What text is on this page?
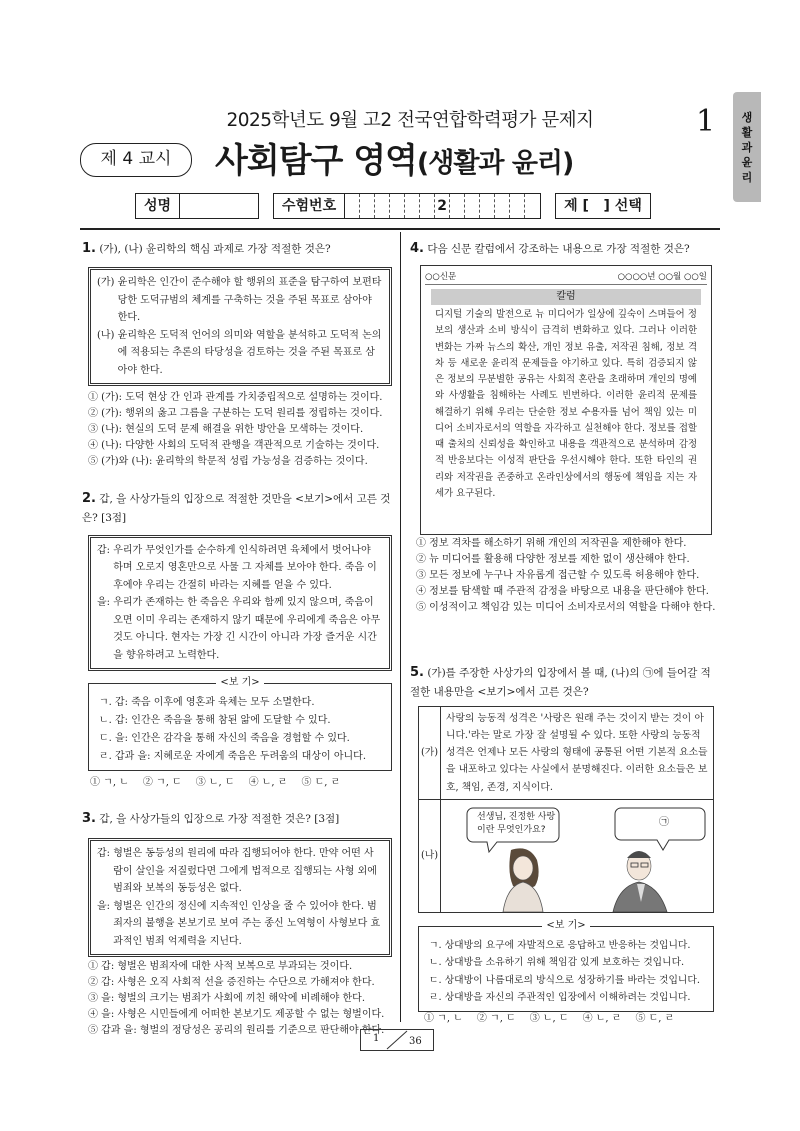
2025학년도 9월 고2 전국연합학력평가 문제지	1 생
활
과
윤
리
제 4 교시	사회탐구 영역(생활과 윤리)
성명	수험번호	2	제 [   ] 선택
1. (가), (나) 윤리학의 핵심 과제로 가장 적절한 것은?
(가) 윤리학은 인간이 준수해야 할 행위의 표준을 탐구하여 보편타당한 도덕규범의 체계를 구축하는 것을 주된 목표로 삼아야 한다.
(나) 윤리학은 도덕적 언어의 의미와 역할을 분석하고 도덕적 논의에 적용되는 추론의 타당성을 검토하는 것을 주된 목표로 삼아야 한다.
① (가): 도덕 현상 간 인과 관계를 가치중립적으로 설명하는 것이다.
② (가): 행위의 옳고 그름을 구분하는 도덕 원리를 정립하는 것이다.
③ (나): 현실의 도덕 문제 해결을 위한 방안을 모색하는 것이다.
④ (나): 다양한 사회의 도덕적 관행을 객관적으로 기술하는 것이다.
⑤ (가)와 (나): 윤리학의 학문적 성립 가능성을 검증하는 것이다.
2. 갑, 을 사상가들의 입장으로 적절한 것만을 <보기>에서 고른 것은? [3점]
갑: 우리가 무엇인가를 순수하게 인식하려면 육체에서 벗어나야 하며 오로지 영혼만으로 사물 그 자체를 보아야 한다. 죽음 이후에야 우리는 간절히 바라는 지혜를 얻을 수 있다.
을: 우리가 존재하는 한 죽음은 우리와 함께 있지 않으며, 죽음이 오면 이미 우리는 존재하지 않기 때문에 우리에게 죽음은 아무것도 아니다. 현자는 가장 긴 시간이 아니라 가장 즐거운 시간을 향유하려고 노력한다.
<보 기>
ㄱ. 갑: 죽음 이후에 영혼과 육체는 모두 소멸한다.
ㄴ. 갑: 인간은 죽음을 통해 참된 앎에 도달할 수 있다.
ㄷ. 을: 인간은 감각을 통해 자신의 죽음을 경험할 수 있다.
ㄹ. 갑과 을: 지혜로운 자에게 죽음은 두려움의 대상이 아니다.
① ㄱ, ㄴ ② ㄱ, ㄷ ③ ㄴ, ㄷ ④ ㄴ, ㄹ ⑤ ㄷ, ㄹ
3. 갑, 을 사상가들의 입장으로 가장 적절한 것은? [3점]
갑: 형벌은 동등성의 원리에 따라 집행되어야 한다. 만약 어떤 사람이 살인을 저질렀다면 그에게 법적으로 집행되는 사형 외에 범죄와 보복의 동등성은 없다.
을: 형벌은 인간의 정신에 지속적인 인상을 줄 수 있어야 한다. 범죄자의 불행을 본보기로 보여 주는 종신 노역형이 사형보다 효과적인 범죄 억제력을 지닌다.
① 갑: 형벌은 범죄자에 대한 사적 보복으로 부과되는 것이다.
② 갑: 사형은 오직 사회적 선을 증진하는 수단으로 가해져야 한다.
③ 을: 형벌의 크기는 범죄가 사회에 끼친 해악에 비례해야 한다.
④ 을: 사형은 시민들에게 어떠한 본보기도 제공할 수 없는 형벌이다.
⑤ 갑과 을: 형벌의 정당성은 공리의 원리를 기준으로 판단해야 한다.
4. 다음 신문 칼럼에서 강조하는 내용으로 가장 적절한 것은?
○○신문	○○○○년 ○○월 ○○일
칼럼
디지털 기술의 발전으로 뉴 미디어가 일상에 깊숙이 스며들어 정보의 생산과 소비 방식이 급격히 변화하고 있다. 그러나 이러한 변화는 가짜 뉴스의 확산, 개인 정보 유출, 저작권 침해, 정보 격차 등 새로운 윤리적 문제들을 야기하고 있다. 특히 검증되지 않은 정보의 무분별한 공유는 사회적 혼란을 초래하며 개인의 명예와 사생활을 침해하는 사례도 빈번하다. 이러한 윤리적 문제를 해결하기 위해 우리는 단순한 정보 수용자를 넘어 책임 있는 미디어 소비자로서의 역할을 자각하고 실천해야 한다. 정보를 접할 때 출처의 신뢰성을 확인하고 내용을 객관적으로 분석하며 감정적 반응보다는 이성적 판단을 우선시해야 한다. 또한 타인의 권리와 저작권을 존중하고 온라인상에서의 행동에 책임을 지는 자세가 요구된다.
① 정보 격차를 해소하기 위해 개인의 저작권을 제한해야 한다.
② 뉴 미디어를 활용해 다양한 정보를 제한 없이 생산해야 한다.
③ 모든 정보에 누구나 자유롭게 접근할 수 있도록 허용해야 한다.
④ 정보를 탐색할 때 주관적 감정을 바탕으로 내용을 판단해야 한다.
⑤ 이성적이고 책임감 있는 미디어 소비자로서의 역할을 다해야 한다.
5. (가)를 주장한 사상가의 입장에서 볼 때, (나)의 ㉠에 들어갈 적절한 내용만을 <보기>에서 고른 것은?
(가)
사랑의 능동적 성격은 '사랑은 원래 주는 것이지 받는 것이 아니다.'라는 말로 가장 잘 설명될 수 있다. 또한 사랑의 능동적 성격은 언제나 모든 사랑의 형태에 공통된 어떤 기본적 요소들을 내포하고 있다는 사실에서 분명해진다. 이러한 요소들은 보호, 책임, 존경, 지식이다.
(나)
선생님, 진정한 사랑이란 무엇인가요?
㉠
<보 기>
ㄱ. 상대방의 요구에 자발적으로 응답하고 반응하는 것입니다.
ㄴ. 상대방을 소유하기 위해 책임감 있게 보호하는 것입니다.
ㄷ. 상대방이 나름대로의 방식으로 성장하기를 바라는 것입니다.
ㄹ. 상대방을 자신의 주관적인 입장에서 이해하려는 것입니다.
① ㄱ, ㄴ ② ㄱ, ㄷ ③ ㄴ, ㄷ ④ ㄴ, ㄹ ⑤ ㄷ, ㄹ
1	36
